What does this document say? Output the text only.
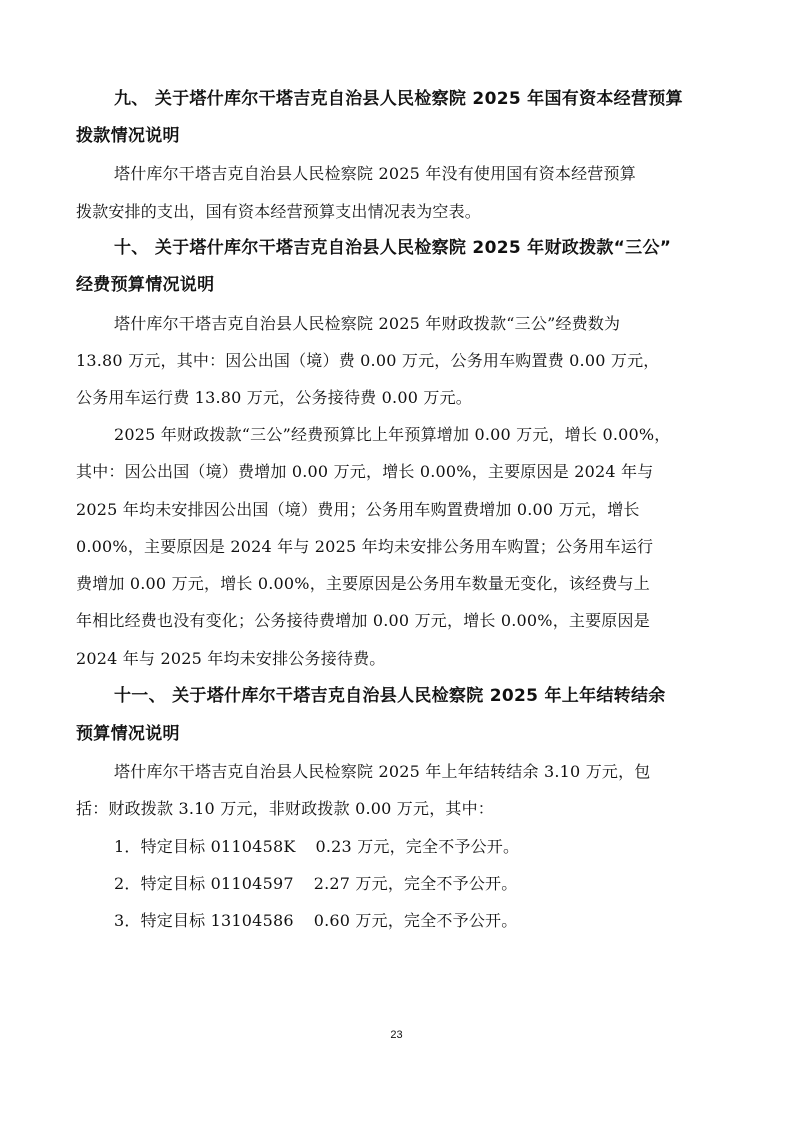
九、 关于塔什库尔干塔吉克自治县人民检察院 2025 年国有资本经营预算
拨款情况说明
塔什库尔干塔吉克自治县人民检察院 2025 年没有使用国有资本经营预算
拨款安排的支出，国有资本经营预算支出情况表为空表。
十、 关于塔什库尔干塔吉克自治县人民检察院 2025 年财政拨款“三公”
经费预算情况说明
塔什库尔干塔吉克自治县人民检察院 2025 年财政拨款“三公”经费数为
13.80 万元，其中：因公出国（境）费 0.00 万元，公务用车购置费 0.00 万元，
公务用车运行费 13.80 万元，公务接待费 0.00 万元。
2025 年财政拨款“三公”经费预算比上年预算增加 0.00 万元，增长 0.00%，
其中：因公出国（境）费增加 0.00 万元，增长 0.00%，主要原因是 2024 年与
2025 年均未安排因公出国（境）费用；公务用车购置费增加 0.00 万元，增长
0.00%，主要原因是 2024 年与 2025 年均未安排公务用车购置；公务用车运行
费增加 0.00 万元，增长 0.00%，主要原因是公务用车数量无变化，该经费与上
年相比经费也没有变化；公务接待费增加 0.00 万元，增长 0.00%，主要原因是
2024 年与 2025 年均未安排公务接待费。
十一、 关于塔什库尔干塔吉克自治县人民检察院 2025 年上年结转结余
预算情况说明
塔什库尔干塔吉克自治县人民检察院 2025 年上年结转结余 3.10 万元，包
括：财政拨款 3.10 万元，非财政拨款 0.00 万元，其中：
1．特定目标 0110458K 0.23 万元，完全不予公开。
2．特定目标 01104597 2.27 万元，完全不予公开。
3．特定目标 13104586 0.60 万元，完全不予公开。
23
